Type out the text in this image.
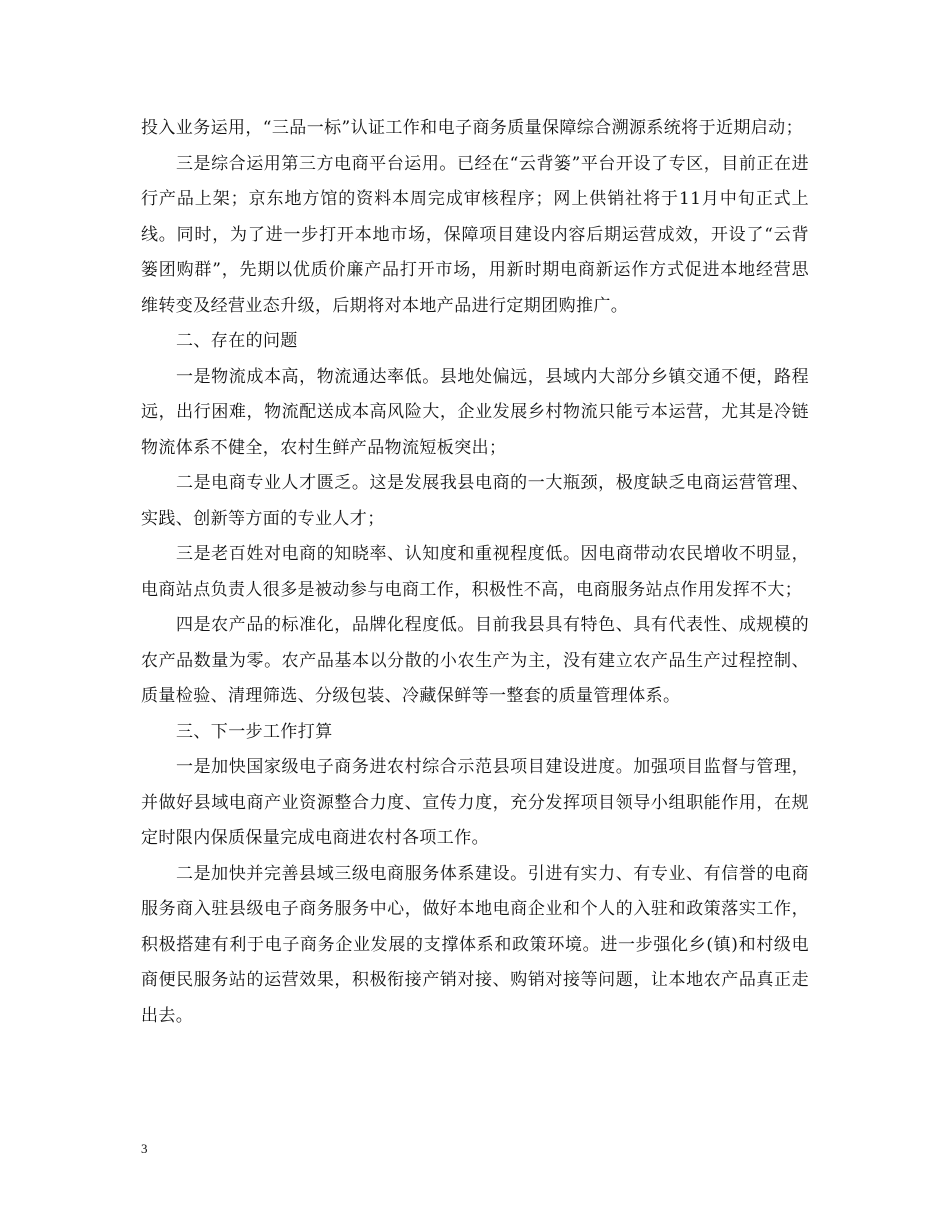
投入业务运用，“三品一标”认证工作和电子商务质量保障综合溯源系统将于近期启动；

三是综合运用第三方电商平台运用。已经在“云背篓”平台开设了专区，目前正在进行产品上架；京东地方馆的资料本周完成审核程序；网上供销社将于11月中旬正式上线。同时，为了进一步打开本地市场，保障项目建设内容后期运营成效，开设了“云背篓团购群”，先期以优质价廉产品打开市场，用新时期电商新运作方式促进本地经营思维转变及经营业态升级，后期将对本地产品进行定期团购推广。

二、存在的问题

一是物流成本高，物流通达率低。县地处偏远，县域内大部分乡镇交通不便，路程远，出行困难，物流配送成本高风险大，企业发展乡村物流只能亏本运营，尤其是冷链物流体系不健全，农村生鲜产品物流短板突出；

二是电商专业人才匮乏。这是发展我县电商的一大瓶颈，极度缺乏电商运营管理、实践、创新等方面的专业人才；

三是老百姓对电商的知晓率、认知度和重视程度低。因电商带动农民增收不明显，电商站点负责人很多是被动参与电商工作，积极性不高，电商服务站点作用发挥不大；

四是农产品的标准化，品牌化程度低。目前我县具有特色、具有代表性、成规模的农产品数量为零。农产品基本以分散的小农生产为主，没有建立农产品生产过程控制、质量检验、清理筛选、分级包装、冷藏保鲜等一整套的质量管理体系。

三、下一步工作打算

一是加快国家级电子商务进农村综合示范县项目建设进度。加强项目监督与管理，并做好县域电商产业资源整合力度、宣传力度，充分发挥项目领导小组职能作用，在规定时限内保质保量完成电商进农村各项工作。

二是加快并完善县域三级电商服务体系建设。引进有实力、有专业、有信誉的电商服务商入驻县级电子商务服务中心，做好本地电商企业和个人的入驻和政策落实工作，积极搭建有利于电子商务企业发展的支撑体系和政策环境。进一步强化乡(镇)和村级电商便民服务站的运营效果，积极衔接产销对接、购销对接等问题，让本地农产品真正走出去。

3
